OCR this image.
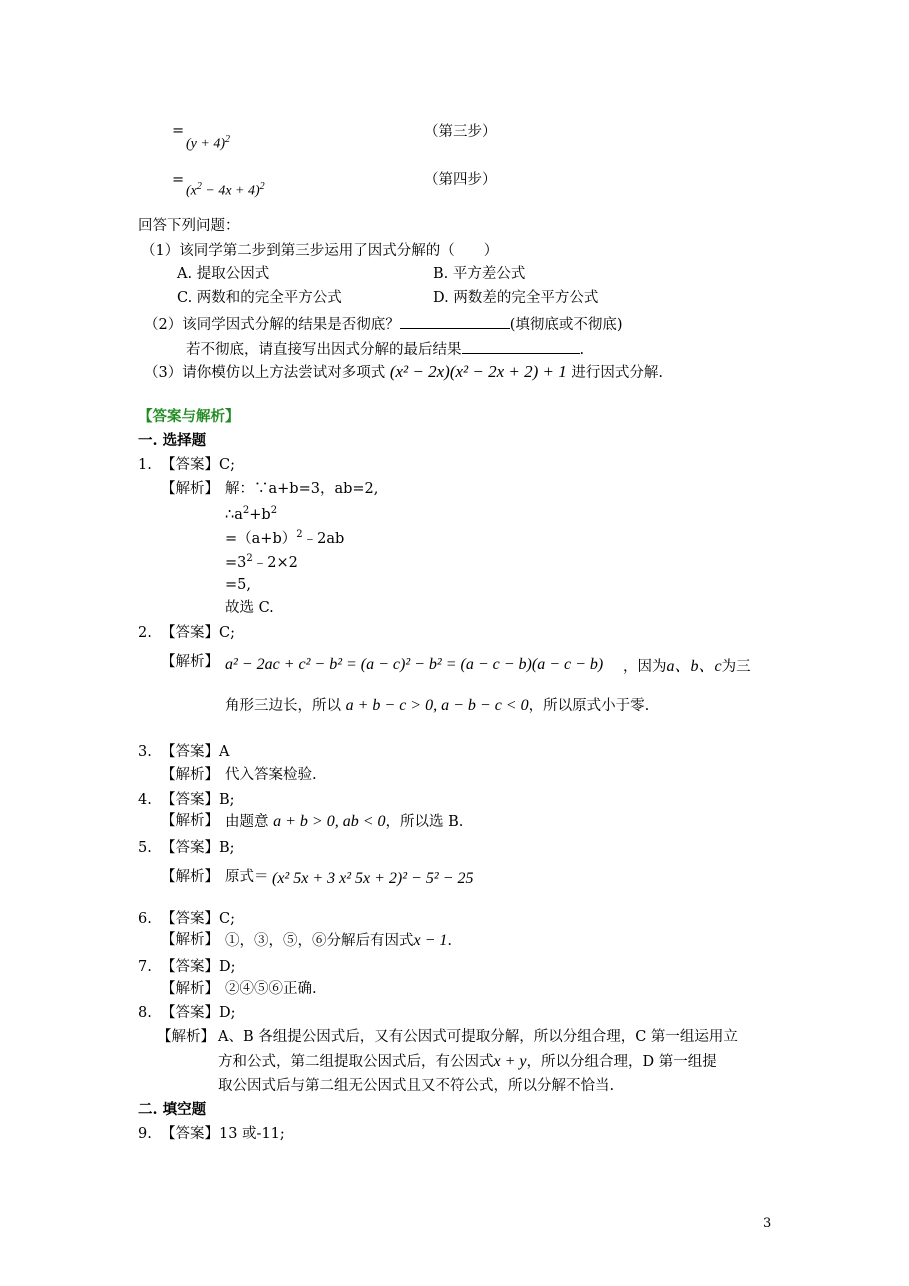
=
$(y + 4)^2$	（第三步）
=
$(x^2 - 4x + 4)^2$	（第四步）
回答下列问题：
（1）该同学第二步到第三步运用了因式分解的（　　）
A. 提取公因式	B. 平方差公式
C. 两数和的完全平方公式	D. 两数差的完全平方公式
（2）该同学因式分解的结果是否彻底？	(填彻底或不彻底)
若不彻底，请直接写出因式分解的最后结果	.
（3）请你模仿以上方法尝试对多项式 (x² − 2x)(x² − 2x + 2) + 1 进行因式分解.
【答案与解析】
一. 选择题
1. 【答案】C;
【解析】 解：∵a+b=3，ab=2,
$\therefore a^2+b^2$
$=(a+b)^2﹣2ab$
$=3^2﹣2\times 2$
=5,
故选 C.
2. 【答案】C;
【解析】 a² − 2ac + c² − b² = (a − c)² − b² = (a − c − b)(a − c − b) ，因为a、b、c为三
角形三边长，所以 a + b − c > 0, a − b − c < 0，所以原式小于零.
3. 【答案】A
【解析】 代入答案检验.
4. 【答案】B;
【解析】 由题意 a + b > 0, ab < 0，所以选 B.
5. 【答案】B;
【解析】 原式＝ (x² 5x + 3 x² 5x + 2)² − 5² − 25
6. 【答案】C;
【解析】 ①，③，⑤，⑥分解后有因式x − 1.
7. 【答案】D;
【解析】 ②④⑤⑥正确.
8. 【答案】D;
【解析】 A、B 各组提公因式后，又有公因式可提取分解，所以分组合理，C 第一组运用立
方和公式，第二组提取公因式后，有公因式x + y，所以分组合理，D 第一组提
取公因式后与第二组无公因式且又不符公式，所以分解不恰当.
二. 填空题
9. 【答案】13 或-11;
3
